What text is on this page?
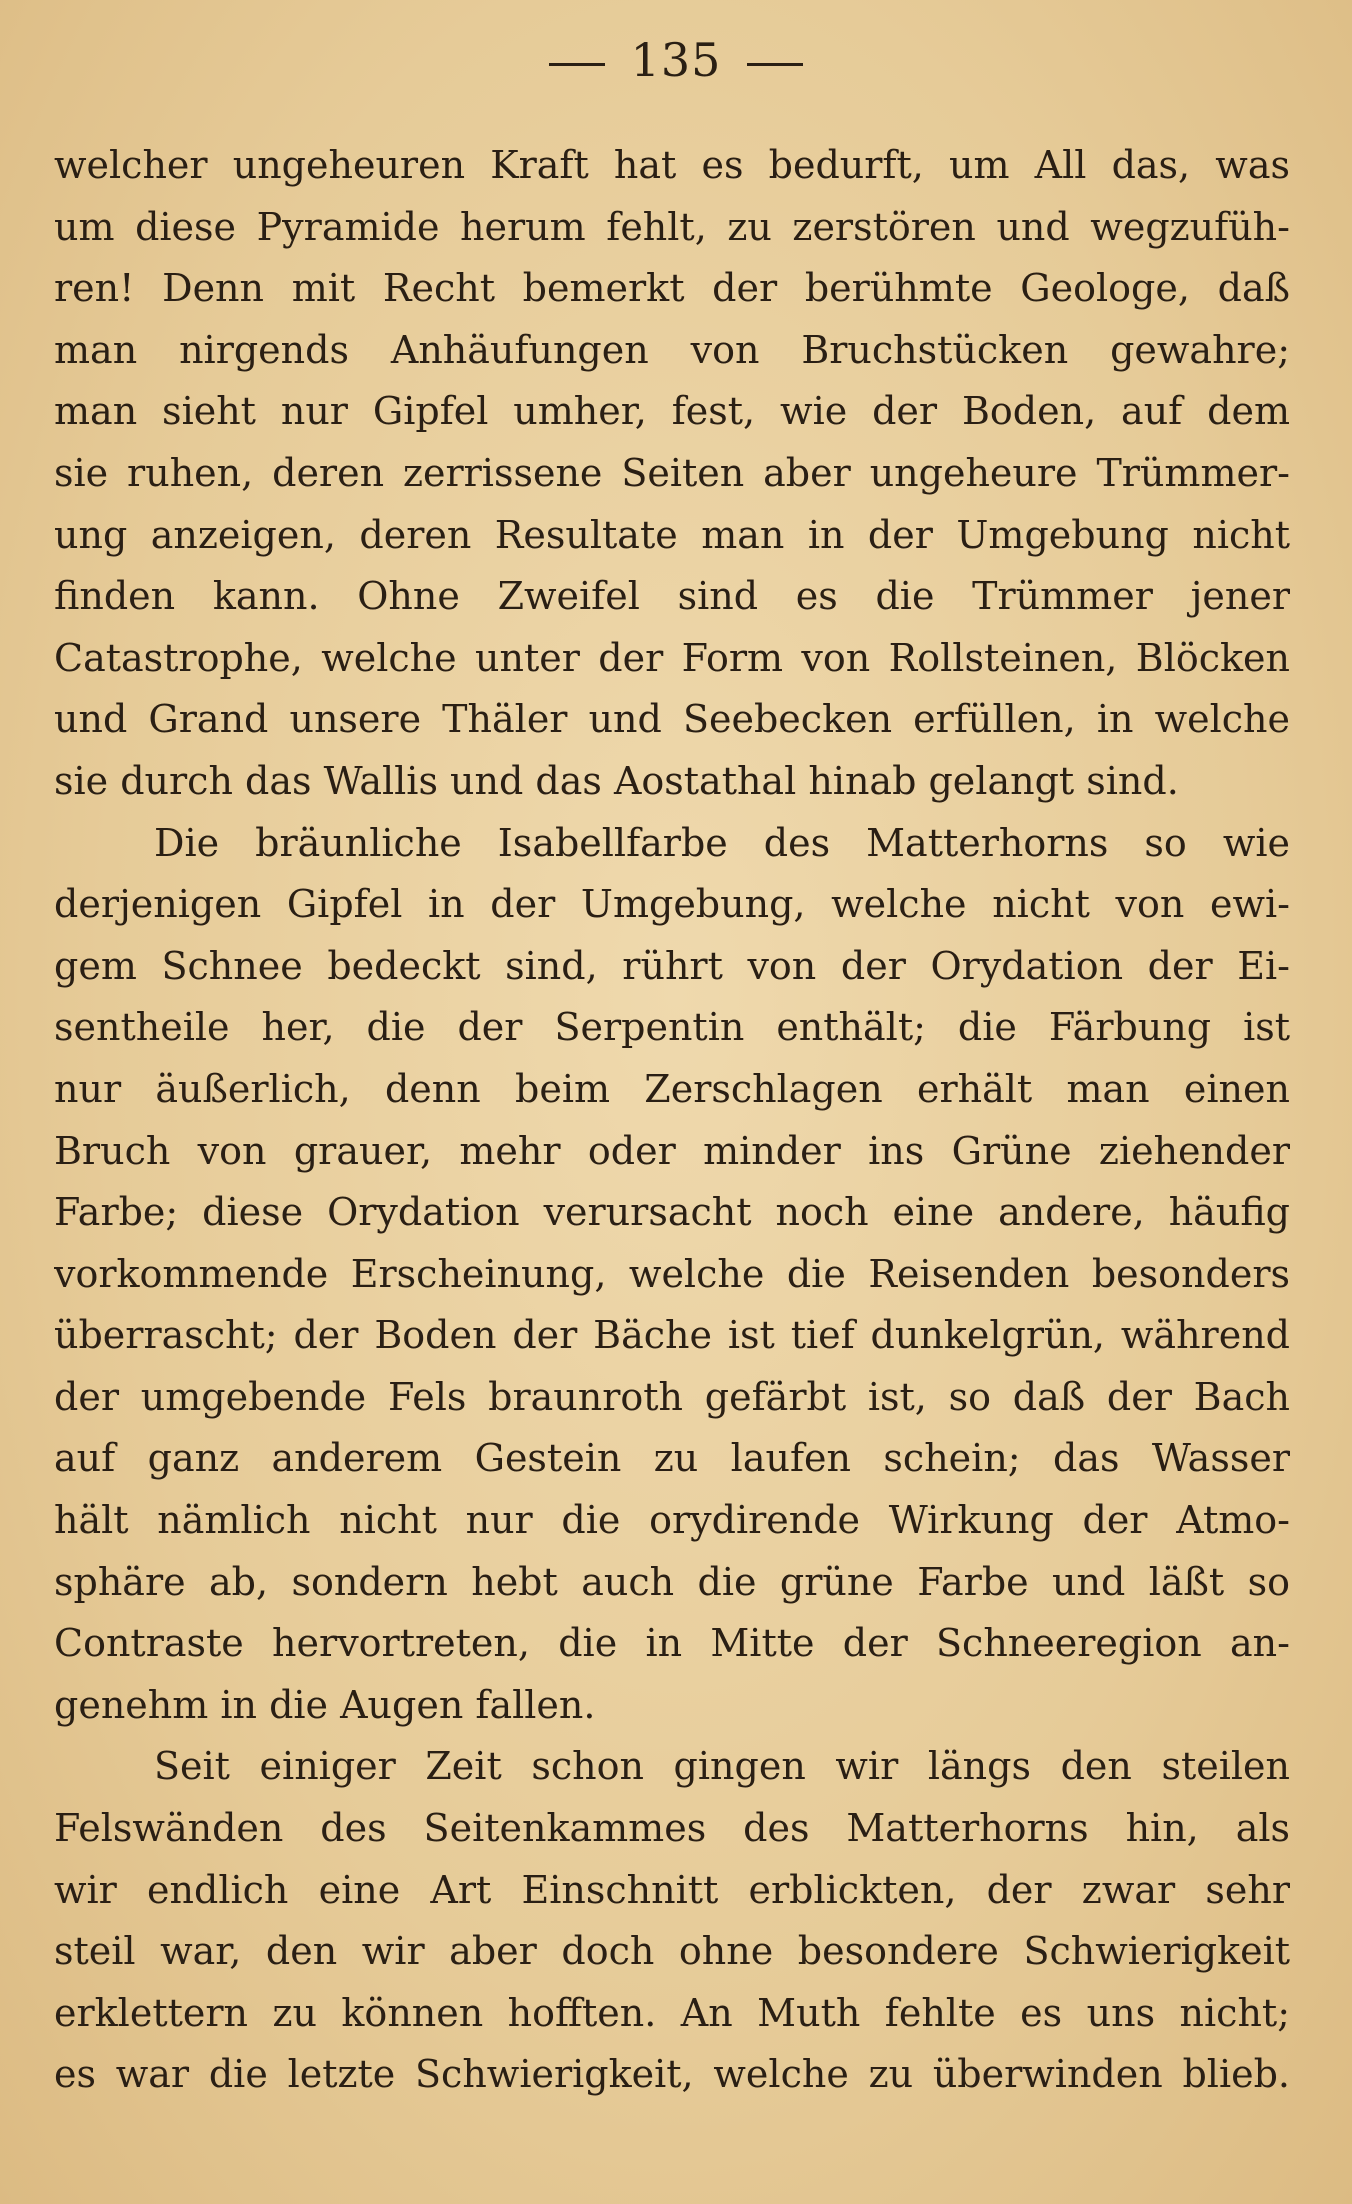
135
welcher ungeheuren Kraft hat es bedurft, um All das, was
um diese Pyramide herum fehlt, zu zerstören und wegzufüh-
ren! Denn mit Recht bemerkt der berühmte Geologe, daß
man nirgends Anhäufungen von Bruchstücken gewahre;
man sieht nur Gipfel umher, fest, wie der Boden, auf dem
sie ruhen, deren zerrissene Seiten aber ungeheure Trümmer-
ung anzeigen, deren Resultate man in der Umgebung nicht
finden kann. Ohne Zweifel sind es die Trümmer jener
Catastrophe, welche unter der Form von Rollsteinen, Blöcken
und Grand unsere Thäler und Seebecken erfüllen, in welche
sie durch das Wallis und das Aostathal hinab gelangt sind.
Die bräunliche Isabellfarbe des Matterhorns so wie
derjenigen Gipfel in der Umgebung, welche nicht von ewi-
gem Schnee bedeckt sind, rührt von der Orydation der Ei-
sentheile her, die der Serpentin enthält; die Färbung ist
nur äußerlich, denn beim Zerschlagen erhält man einen
Bruch von grauer, mehr oder minder ins Grüne ziehender
Farbe; diese Orydation verursacht noch eine andere, häufig
vorkommende Erscheinung, welche die Reisenden besonders
überrascht; der Boden der Bäche ist tief dunkelgrün, während
der umgebende Fels braunroth gefärbt ist, so daß der Bach
auf ganz anderem Gestein zu laufen schein; das Wasser
hält nämlich nicht nur die orydirende Wirkung der Atmo-
sphäre ab, sondern hebt auch die grüne Farbe und läßt so
Contraste hervortreten, die in Mitte der Schneeregion an-
genehm in die Augen fallen.
Seit einiger Zeit schon gingen wir längs den steilen
Felswänden des Seitenkammes des Matterhorns hin, als
wir endlich eine Art Einschnitt erblickten, der zwar sehr
steil war, den wir aber doch ohne besondere Schwierigkeit
erklettern zu können hofften. An Muth fehlte es uns nicht;
es war die letzte Schwierigkeit, welche zu überwinden blieb.
